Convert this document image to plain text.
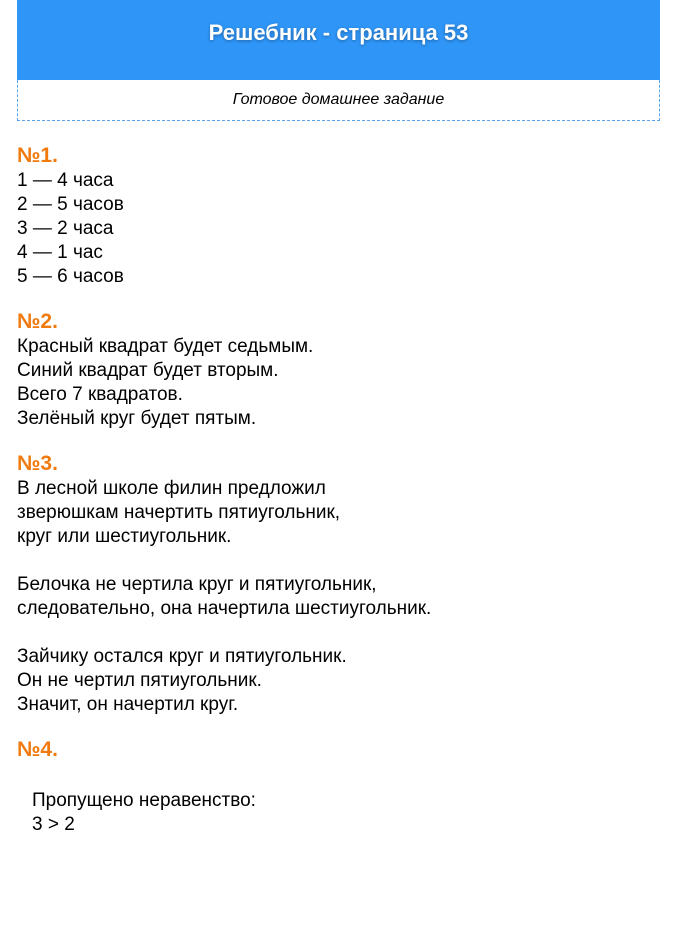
Решебник - страница 53
Готовое домашнее задание

№1.

1 — 4 часа

2 — 5 часов

3 — 2 часа

4 — 1 час

5 — 6 часов

№2.

Красный квадрат будет седьмым.

Синий квадрат будет вторым.

Всего 7 квадратов.

Зелёный круг будет пятым.

№3.

В лесной школе филин предложил

зверюшкам начертить пятиугольник,

круг или шестиугольник.

Белочка не чертила круг и пятиугольник,

следовательно, она начертила шестиугольник.

Зайчику остался круг и пятиугольник.

Он не чертил пятиугольник.

Значит, он начертил круг.

№4.

Пропущено неравенство:

3 > 2
